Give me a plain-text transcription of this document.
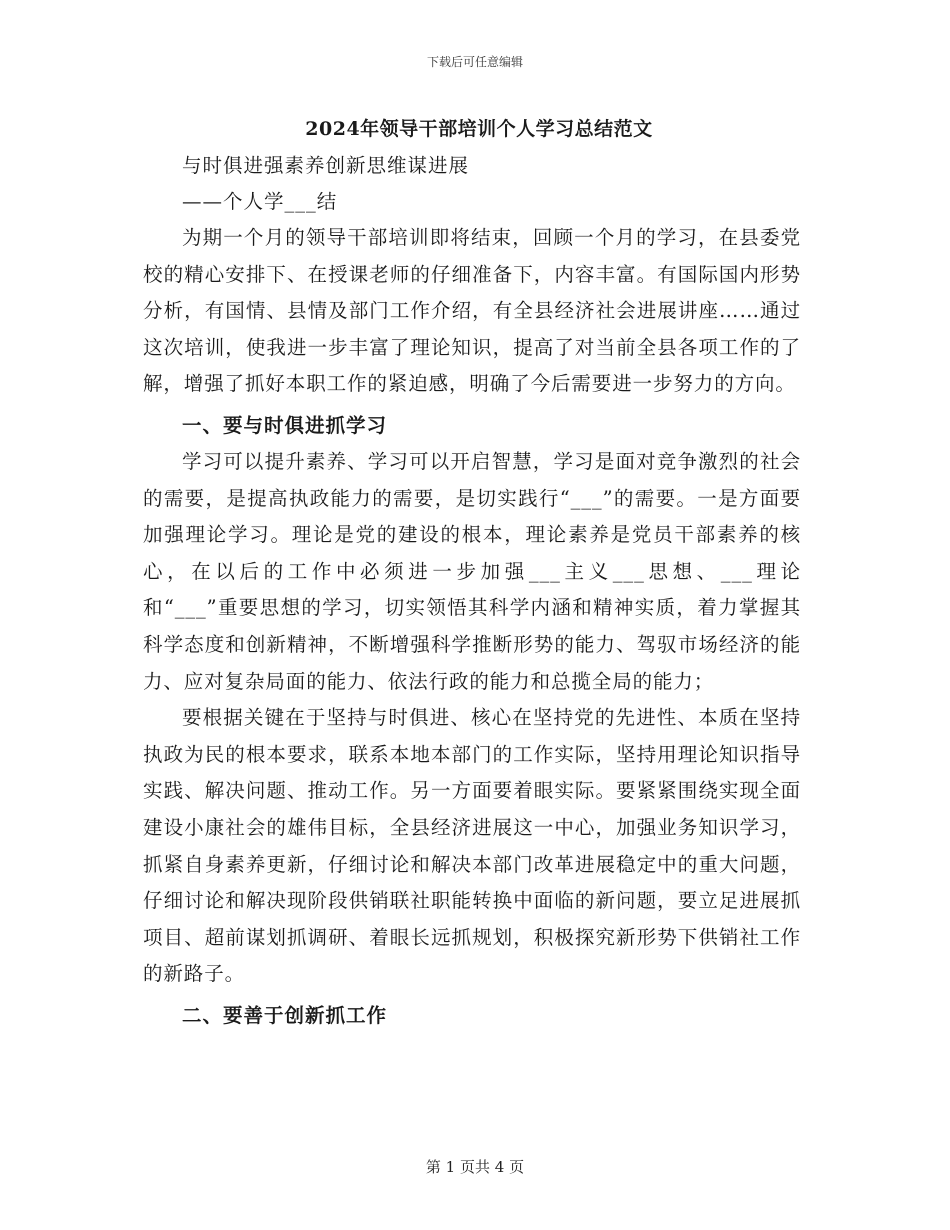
下载后可任意编辑
2024年领导干部培训个人学习总结范文

与时俱进强素养创新思维谋进展

——个人学___结

为期一个月的领导干部培训即将结束，回顾一个月的学习，在县委党校的精心安排下、在授课老师的仔细准备下，内容丰富。有国际国内形势分析，有国情、县情及部门工作介绍，有全县经济社会进展讲座……通过这次培训，使我进一步丰富了理论知识，提高了对当前全县各项工作的了解，增强了抓好本职工作的紧迫感，明确了今后需要进一步努力的方向。

一、要与时俱进抓学习

学习可以提升素养、学习可以开启智慧，学习是面对竞争激烈的社会的需要，是提高执政能力的需要，是切实践行“___”的需要。一是方面要加强理论学习。理论是党的建设的根本，理论素养是党员干部素养的核心，在以后的工作中必须进一步加强___主义___思想、___理论和“___”重要思想的学习，切实领悟其科学内涵和精神实质，着力掌握其科学态度和创新精神，不断增强科学推断形势的能力、驾驭市场经济的能力、应对复杂局面的能力、依法行政的能力和总揽全局的能力；

要根据关键在于坚持与时俱进、核心在坚持党的先进性、本质在坚持执政为民的根本要求，联系本地本部门的工作实际，坚持用理论知识指导实践、解决问题、推动工作。另一方面要着眼实际。要紧紧围绕实现全面建设小康社会的雄伟目标，全县经济进展这一中心，加强业务知识学习，抓紧自身素养更新，仔细讨论和解决本部门改革进展稳定中的重大问题，仔细讨论和解决现阶段供销联社职能转换中面临的新问题，要立足进展抓项目、超前谋划抓调研、着眼长远抓规划，积极探究新形势下供销社工作的新路子。

二、要善于创新抓工作

第 1 页共 4 页
